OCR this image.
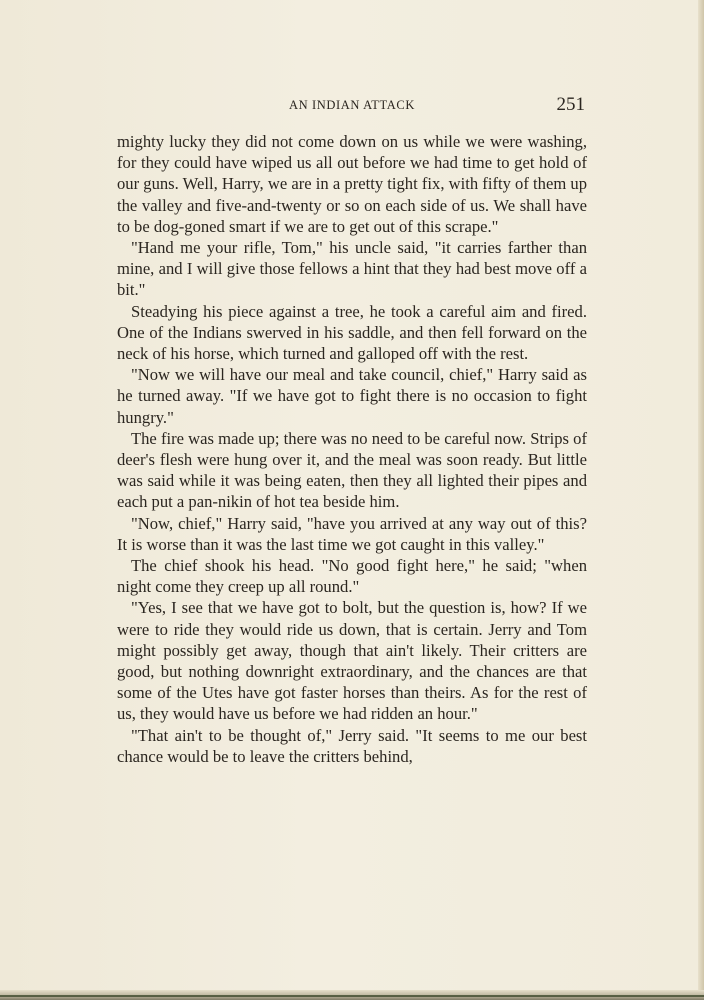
AN INDIAN ATTACK	251

mighty lucky they did not come down on us while we were washing, for they could have wiped us all out before we had time to get hold of our guns. Well, Harry, we are in a pretty tight fix, with fifty of them up the valley and five-and-twenty or so on each side of us. We shall have to be dog-goned smart if we are to get out of this scrape."

"Hand me your rifle, Tom," his uncle said, "it carries farther than mine, and I will give those fellows a hint that they had best move off a bit."

Steadying his piece against a tree, he took a careful aim and fired. One of the Indians swerved in his saddle, and then fell forward on the neck of his horse, which turned and galloped off with the rest.

"Now we will have our meal and take council, chief," Harry said as he turned away. "If we have got to fight there is no occasion to fight hungry."

The fire was made up; there was no need to be careful now. Strips of deer's flesh were hung over it, and the meal was soon ready. But little was said while it was being eaten, then they all lighted their pipes and each put a pan-nikin of hot tea beside him.

"Now, chief," Harry said, "have you arrived at any way out of this? It is worse than it was the last time we got caught in this valley."

The chief shook his head. "No good fight here," he said; "when night come they creep up all round."

"Yes, I see that we have got to bolt, but the question is, how? If we were to ride they would ride us down, that is certain. Jerry and Tom might possibly get away, though that ain't likely. Their critters are good, but nothing downright extraordinary, and the chances are that some of the Utes have got faster horses than theirs. As for the rest of us, they would have us before we had ridden an hour."

"That ain't to be thought of," Jerry said. "It seems to me our best chance would be to leave the critters behind,
